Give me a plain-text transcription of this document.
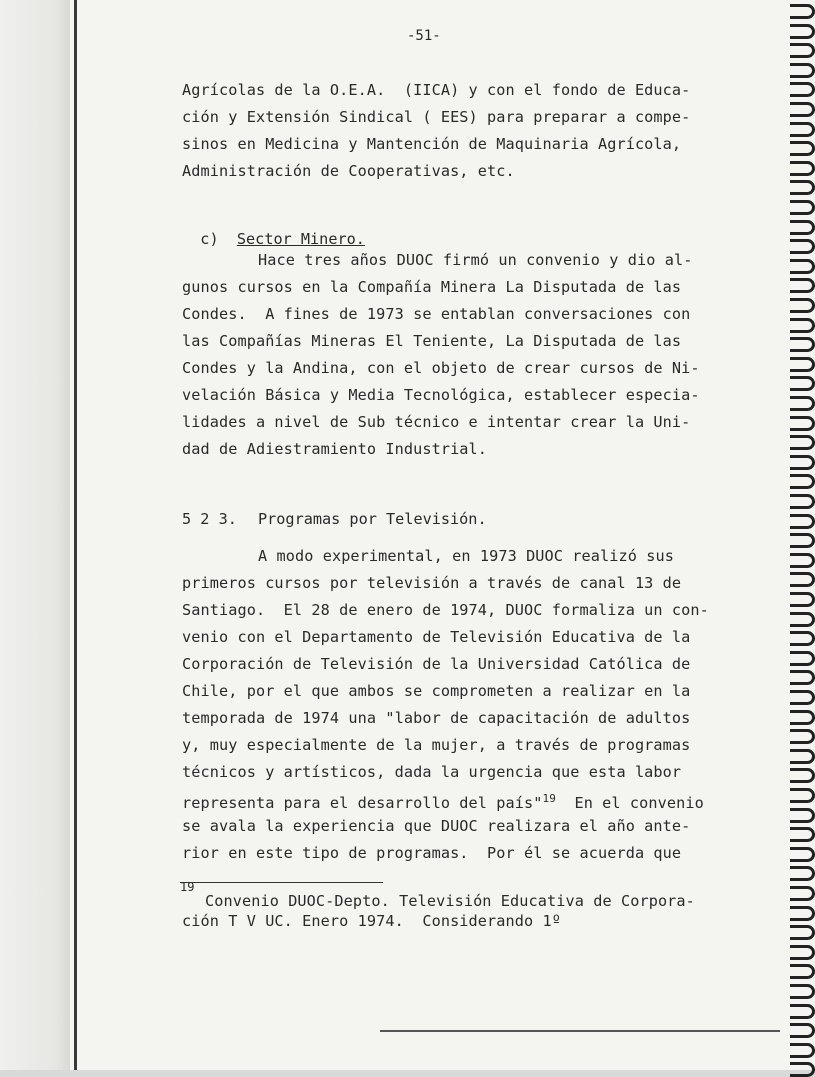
-51-
Agrícolas de la O.E.A.  (IICA) y con el fondo de Educa-
ción y Extensión Sindical ( EES) para preparar a compe-
sinos en Medicina y Mantención de Maquinaria Agrícola,
Administración de Cooperativas, etc.

c) Sector Minero.

Hace tres años DUOC firmó un convenio y dio al-
gunos cursos en la Compañía Minera La Disputada de las
Condes.  A fines de 1973 se entablan conversaciones con
las Compañías Mineras El Teniente, La Disputada de las
Condes y la Andina, con el objeto de crear cursos de Ni-
velación Básica y Media Tecnológica, establecer especia-
lidades a nivel de Sub técnico e intentar crear la Uni-
dad de Adiestramiento Industrial.
5 2 3. Programas por Televisión.
A modo experimental, en 1973 DUOC realizó sus
primeros cursos por televisión a través de canal 13 de
Santiago.  El 28 de enero de 1974, DUOC formaliza un con-
venio con el Departamento de Televisión Educativa de la
Corporación de Televisión de la Universidad Católica de
Chile, por el que ambos se comprometen a realizar en la
temporada de 1974 una "labor de capacitación de adultos
y, muy especialmente de la mujer, a través de programas
técnicos y artísticos, dada la urgencia que esta labor
representa para el desarrollo del país"$^{19}$  En el convenio
se avala la experiencia que DUOC realizara el año ante-
rior en este tipo de programas.  Por él se acuerda que
19
Convenio DUOC-Depto. Televisión Educativa de Corpora-
ción T V UC. Enero 1974.  Considerando 1º
